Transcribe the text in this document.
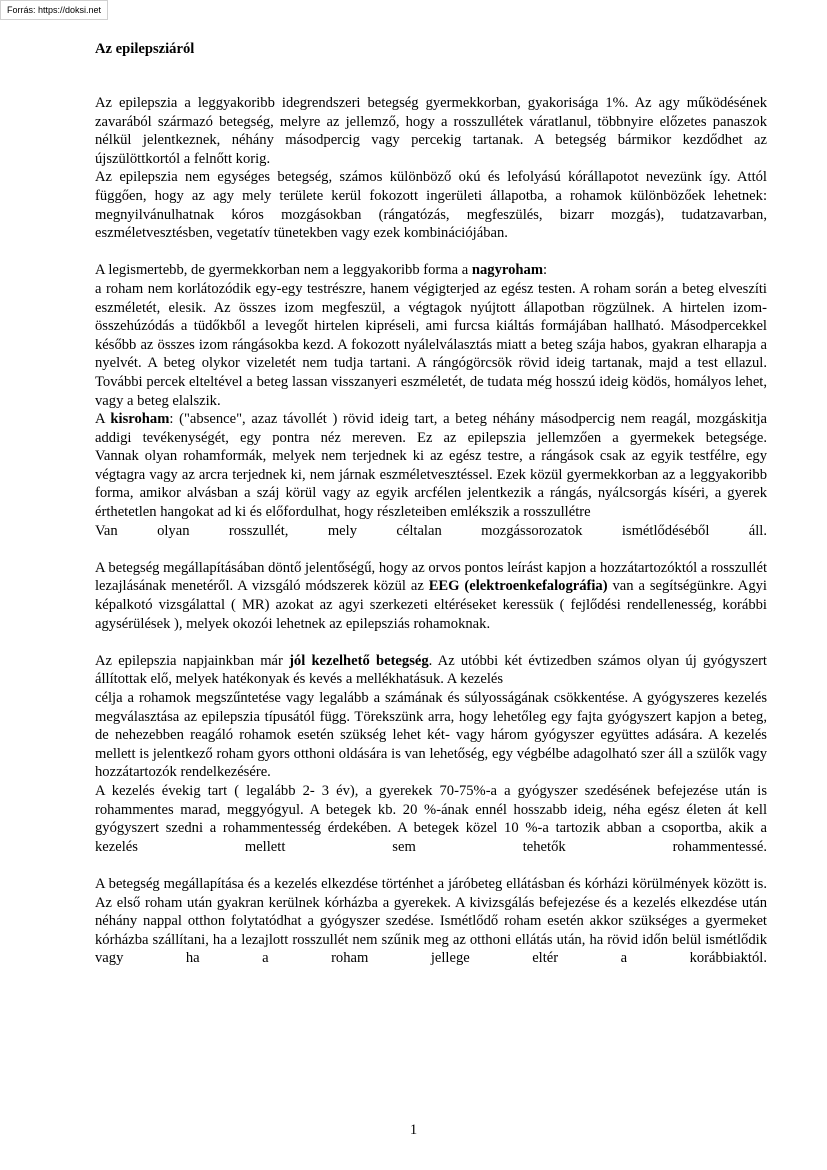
Forrás: https://doksi.net
Az epilepsziáról

Az epilepszia a leggyakoribb idegrendszeri betegség gyermekkorban, gyakorisága 1%. Az agy működésének zavarából származó betegség, melyre az jellemző, hogy a rosszullétek váratlanul, többnyire előzetes panaszok nélkül jelentkeznek, néhány másodpercig vagy percekig tartanak. A betegség bármikor kezdődhet az újszülöttkortól a felnőtt korig.

Az epilepszia nem egységes betegség, számos különböző okú és lefolyású kórállapotot nevezünk így. Attól függően, hogy az agy mely területe kerül fokozott ingerületi állapotba, a rohamok különbözőek lehetnek: megnyilvánulhatnak kóros mozgásokban (rángatózás, megfeszülés, bizarr mozgás), tudatzavarban, eszméletvesztésben, vegetatív tünetekben vagy ezek kombinációjában.

A legismertebb, de gyermekkorban nem a leggyakoribb forma a nagyroham:

a roham nem korlátozódik egy-egy testrészre, hanem végigterjed az egész testen. A roham során a beteg elveszíti eszméletét, elesik. Az összes izom megfeszül, a végtagok nyújtott állapotban rögzülnek. A hirtelen izom-összehúzódás a tüdőkből a levegőt hirtelen kipréseli, ami furcsa kiáltás formájában hallható. Másodpercekkel később az összes izom rángásokba kezd. A fokozott nyálelválasztás miatt a beteg szája habos, gyakran elharapja a nyelvét. A beteg olykor vizeletét nem tudja tartani. A rángógörcsök rövid ideig tartanak, majd a test ellazul. További percek elteltével a beteg lassan visszanyeri eszméletét, de tudata még hosszú ideig ködös, homályos lehet, vagy a beteg elalszik.

A kisroham: ("absence", azaz távollét ) rövid ideig tart, a beteg néhány másodpercig nem reagál, mozgáskitja addigi tevékenységét, egy pontra néz mereven. Ez az epilepszia jellemzően a gyermekek betegsége.

Vannak olyan rohamformák, melyek nem terjednek ki az egész testre, a rángások csak az egyik testfélre, egy végtagra vagy az arcra terjednek ki, nem járnak eszméletvesztéssel. Ezek közül gyermekkorban az a leggyakoribb forma, amikor alvásban a száj körül vagy az egyik arcfélen jelentkezik a rángás, nyálcsorgás kíséri, a gyerek érthetetlen hangokat ad ki és előfordulhat, hogy részleteiben emlékszik a rosszullétre

Van olyan rosszullét, mely céltalan mozgássorozatok ismétlődéséből áll.

A betegség megállapításában döntő jelentőségű, hogy az orvos pontos leírást kapjon a hozzátartozóktól a rosszullét lezajlásának menetéről. A vizsgáló módszerek közül az EEG (elektroenkefalográfia) van a segítségünkre. Agyi képalkotó vizsgálattal ( MR) azokat az agyi szerkezeti eltéréseket keressük ( fejlődési rendellenesség, korábbi agysérülések ), melyek okozói lehetnek az epilepsziás rohamoknak.

Az epilepszia napjainkban már jól kezelhető betegség. Az utóbbi két évtizedben számos olyan új gyógyszert állítottak elő, melyek hatékonyak és kevés a mellékhatásuk. A kezelés

célja a rohamok megszűntetése vagy legalább a számának és súlyosságának csökkentése. A gyógyszeres kezelés megválasztása az epilepszia típusától függ. Törekszünk arra, hogy lehetőleg egy fajta gyógyszert kapjon a beteg, de nehezebben reagáló rohamok esetén szükség lehet két- vagy három gyógyszer együttes adására. A kezelés mellett is jelentkező roham gyors otthoni oldására is van lehetőség, egy végbélbe adagolható szer áll a szülők vagy hozzátartozók rendelkezésére.

A kezelés évekig tart ( legalább 2- 3 év), a gyerekek 70-75%-a a gyógyszer szedésének befejezése után is rohammentes marad, meggyógyul. A betegek kb. 20 %-ának ennél hosszabb ideig, néha egész életen át kell gyógyszert szedni a rohammentesség érdekében. A betegek közel 10 %-a tartozik abban a csoportba, akik a kezelés mellett sem tehetők rohammentessé.

A betegség megállapítása és a kezelés elkezdése történhet a járóbeteg ellátásban és kórházi körülmények között is. Az első roham után gyakran kerülnek kórházba a gyerekek. A kivizsgálás befejezése és a kezelés elkezdése után néhány nappal otthon folytatódhat a gyógyszer szedése. Ismétlődő roham esetén akkor szükséges a gyermeket kórházba szállítani, ha a lezajlott rosszullét nem szűnik meg az otthoni ellátás után, ha rövid időn belül ismétlődik vagy ha a roham jellege eltér a	korábbiaktól.

1
